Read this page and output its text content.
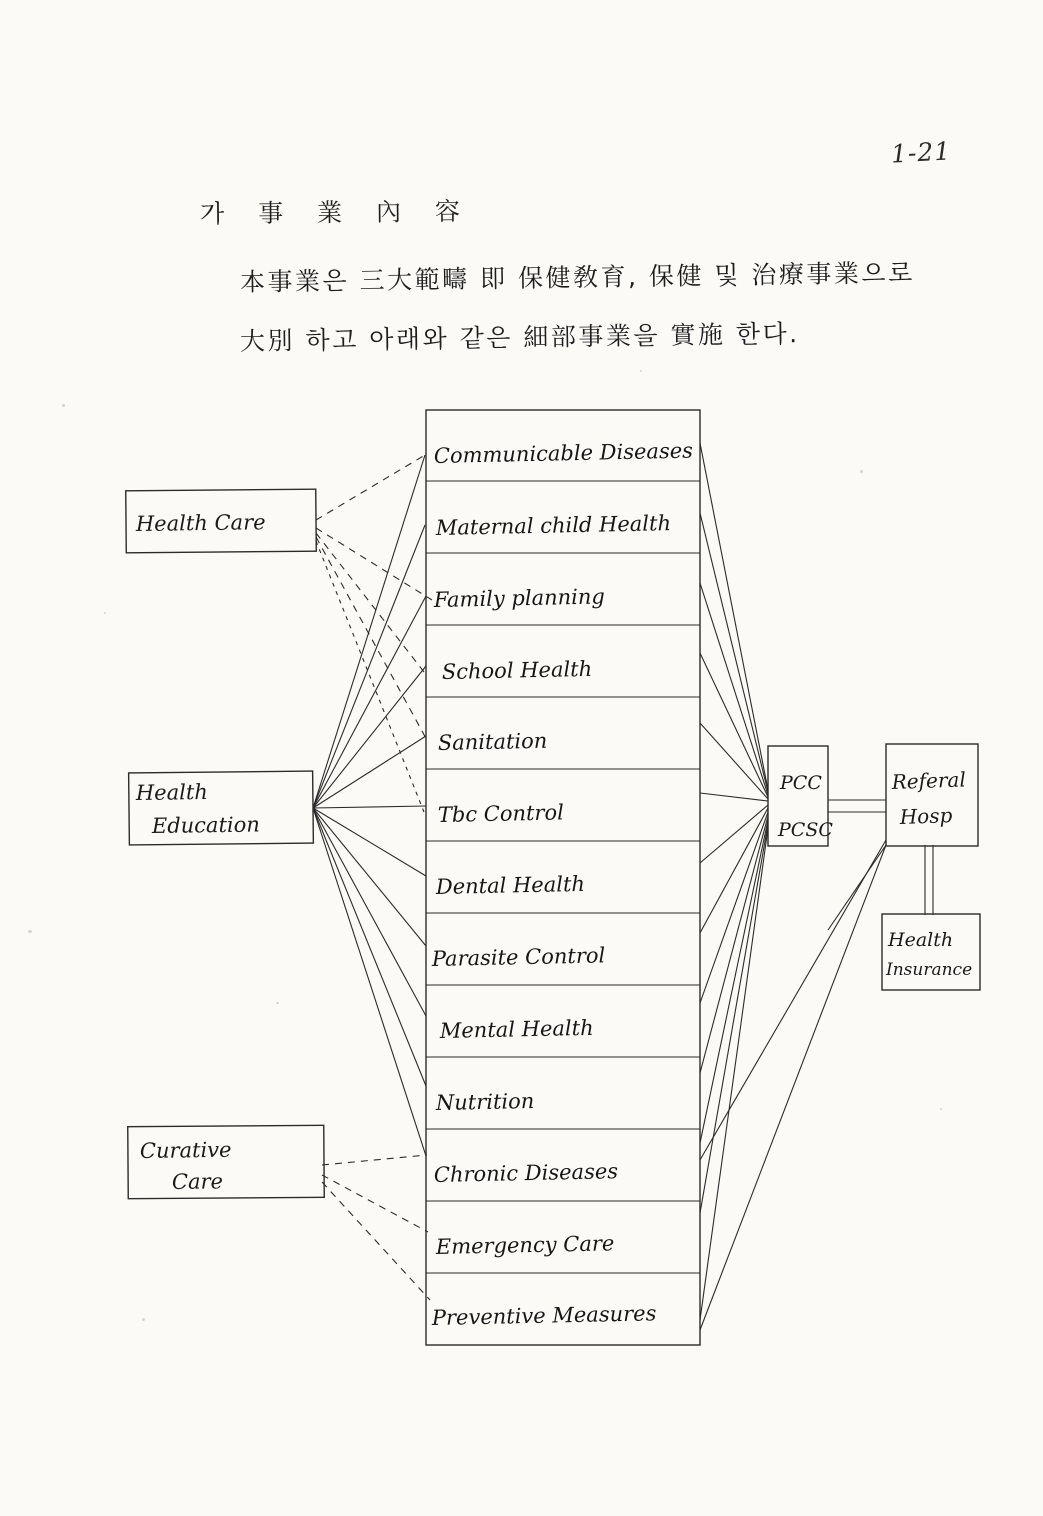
1-21
가 事 業 內 容
本事業은 三大範疇 即 保健敎育, 保健 및 治療事業으로
大別 하고 아래와 같은 細部事業을 實施 한다.
Communicable Diseases
Maternal child Health
Family planning
School Health
Sanitation
Tbc Control
Dental Health
Parasite Control
Mental Health
Nutrition
Chronic Diseases
Emergency Care
Preventive Measures
Health Care
Health
Education
Curative
Care
PCC
PCSC
Referal
Hosp
Health
Insurance
